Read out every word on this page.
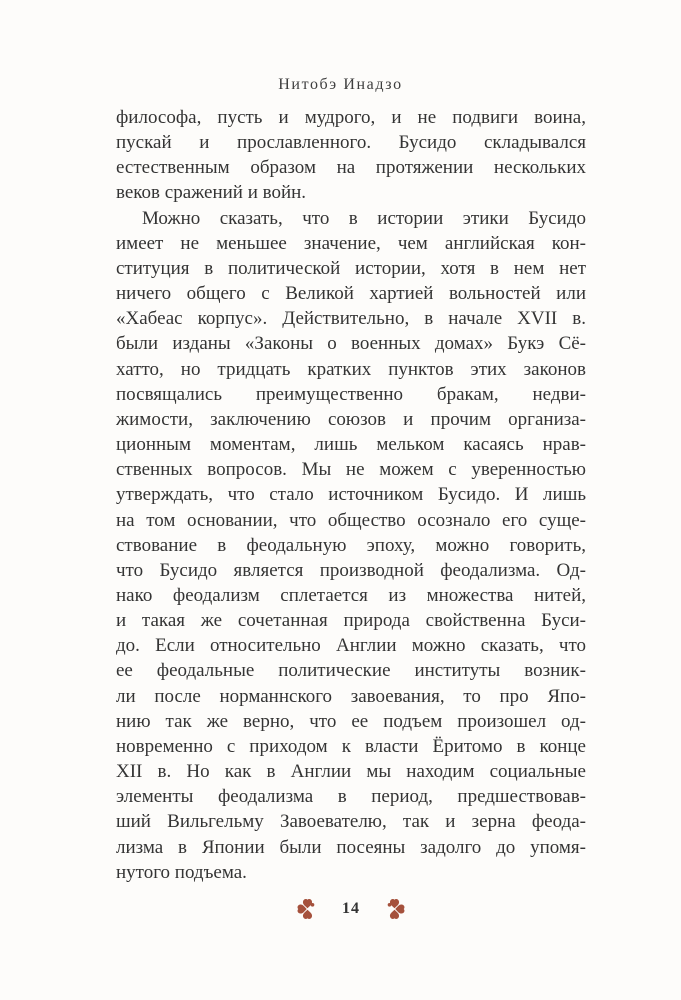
Нитобэ Инадзо
философа, пусть и мудрого, и не подвиги воина,
пускай и прославленного. Бусидо складывался
естественным образом на протяжении нескольких
веков сражений и войн.
Можно сказать, что в истории этики Бусидо
имеет не меньшее значение, чем английская кон-
ституция в политической истории, хотя в нем нет
ничего общего с Великой хартией вольностей или
«Хабеас корпус». Действительно, в начале XVII в.
были изданы «Законы о военных домах» Букэ Сё-
хатто, но тридцать кратких пунктов этих законов
посвящались преимущественно бракам, недви-
жимости, заключению союзов и прочим организа-
ционным моментам, лишь мельком касаясь нрав-
ственных вопросов. Мы не можем с уверенностью
утверждать, что стало источником Бусидо. И лишь
на том основании, что общество осознало его суще-
ствование в феодальную эпоху, можно говорить,
что Бусидо является производной феодализма. Од-
нако феодализм сплетается из множества нитей,
и такая же сочетанная природа свойственна Буси-
до. Если относительно Англии можно сказать, что
ее феодальные политические институты возник-
ли после норманнского завоевания, то про Япо-
нию так же верно, что ее подъем произошел од-
новременно с приходом к власти Ёритомо в конце
XII в. Но как в Англии мы находим социальные
элементы феодализма в период, предшествовав-
ший Вильгельму Завоевателю, так и зерна феода-
лизма в Японии были посеяны задолго до упомя-
нутого подъема.
14
